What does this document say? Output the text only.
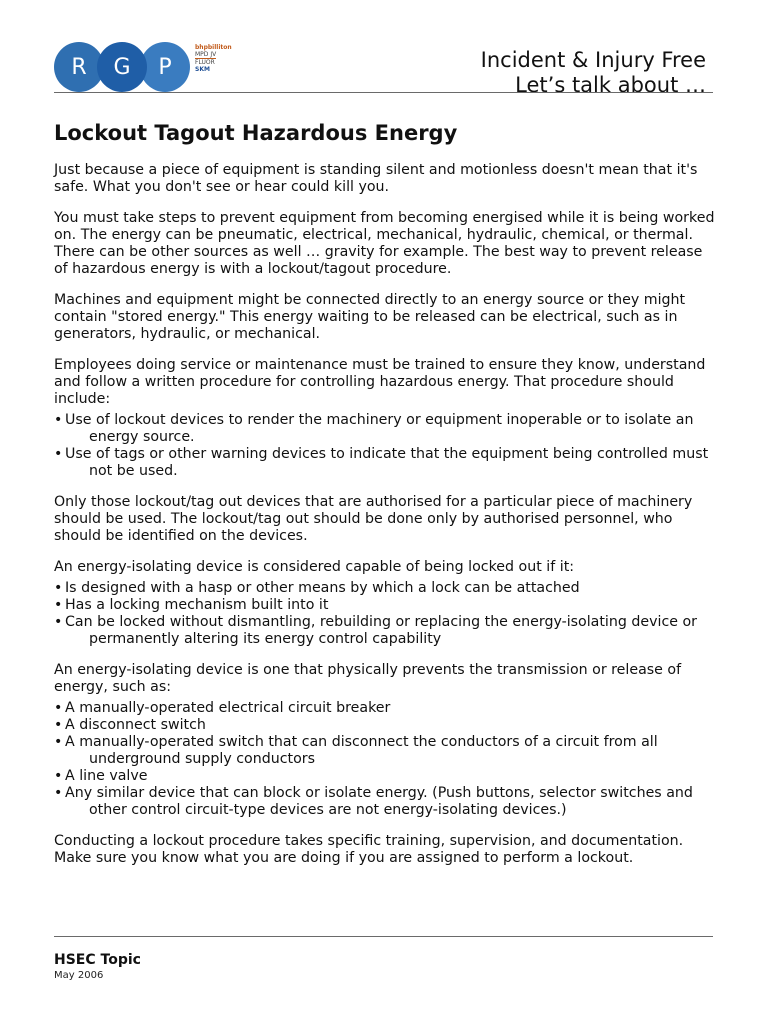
R	G	P
bhpbilliton
MPD JV
FLUOR
SKM	Incident & Injury Free
Let’s talk about …
Lockout Tagout Hazardous Energy

Just because a piece of equipment is standing silent and motionless doesn't mean that it's safe. What you don't see or hear could kill you.

You must take steps to prevent equipment from becoming energised while it is being worked on. The energy can be pneumatic, electrical, mechanical, hydraulic, chemical, or thermal. There can be other sources as well … gravity for example. The best way to prevent release of hazardous energy is with a lockout/tagout procedure.

Machines and equipment might be connected directly to an energy source or they might contain "stored energy." This energy waiting to be released can be electrical, such as in generators, hydraulic, or mechanical.

Employees doing service or maintenance must be trained to ensure they know, understand and follow a written procedure for controlling hazardous energy. That procedure should include:

• Use of lockout devices to render the machinery or equipment inoperable or to isolate an energy source.
• Use of tags or other warning devices to indicate that the equipment being controlled must not be used.

Only those lockout/tag out devices that are authorised for a particular piece of machinery should be used. The lockout/tag out should be done only by authorised personnel, who should be identified on the devices.

An energy-isolating device is considered capable of being locked out if it:

• Is designed with a hasp or other means by which a lock can be attached
• Has a locking mechanism built into it
• Can be locked without dismantling, rebuilding or replacing the energy-isolating device or permanently altering its energy control capability

An energy-isolating device is one that physically prevents the transmission or release of energy, such as:

• A manually-operated electrical circuit breaker
• A disconnect switch
• A manually-operated switch that can disconnect the conductors of a circuit from all underground supply conductors
• A line valve
• Any similar device that can block or isolate energy. (Push buttons, selector switches and other control circuit-type devices are not energy-isolating devices.)

Conducting a lockout procedure takes specific training, supervision, and documentation. Make sure you know what you are doing if you are assigned to perform a lockout.

HSEC Topic
May 2006
